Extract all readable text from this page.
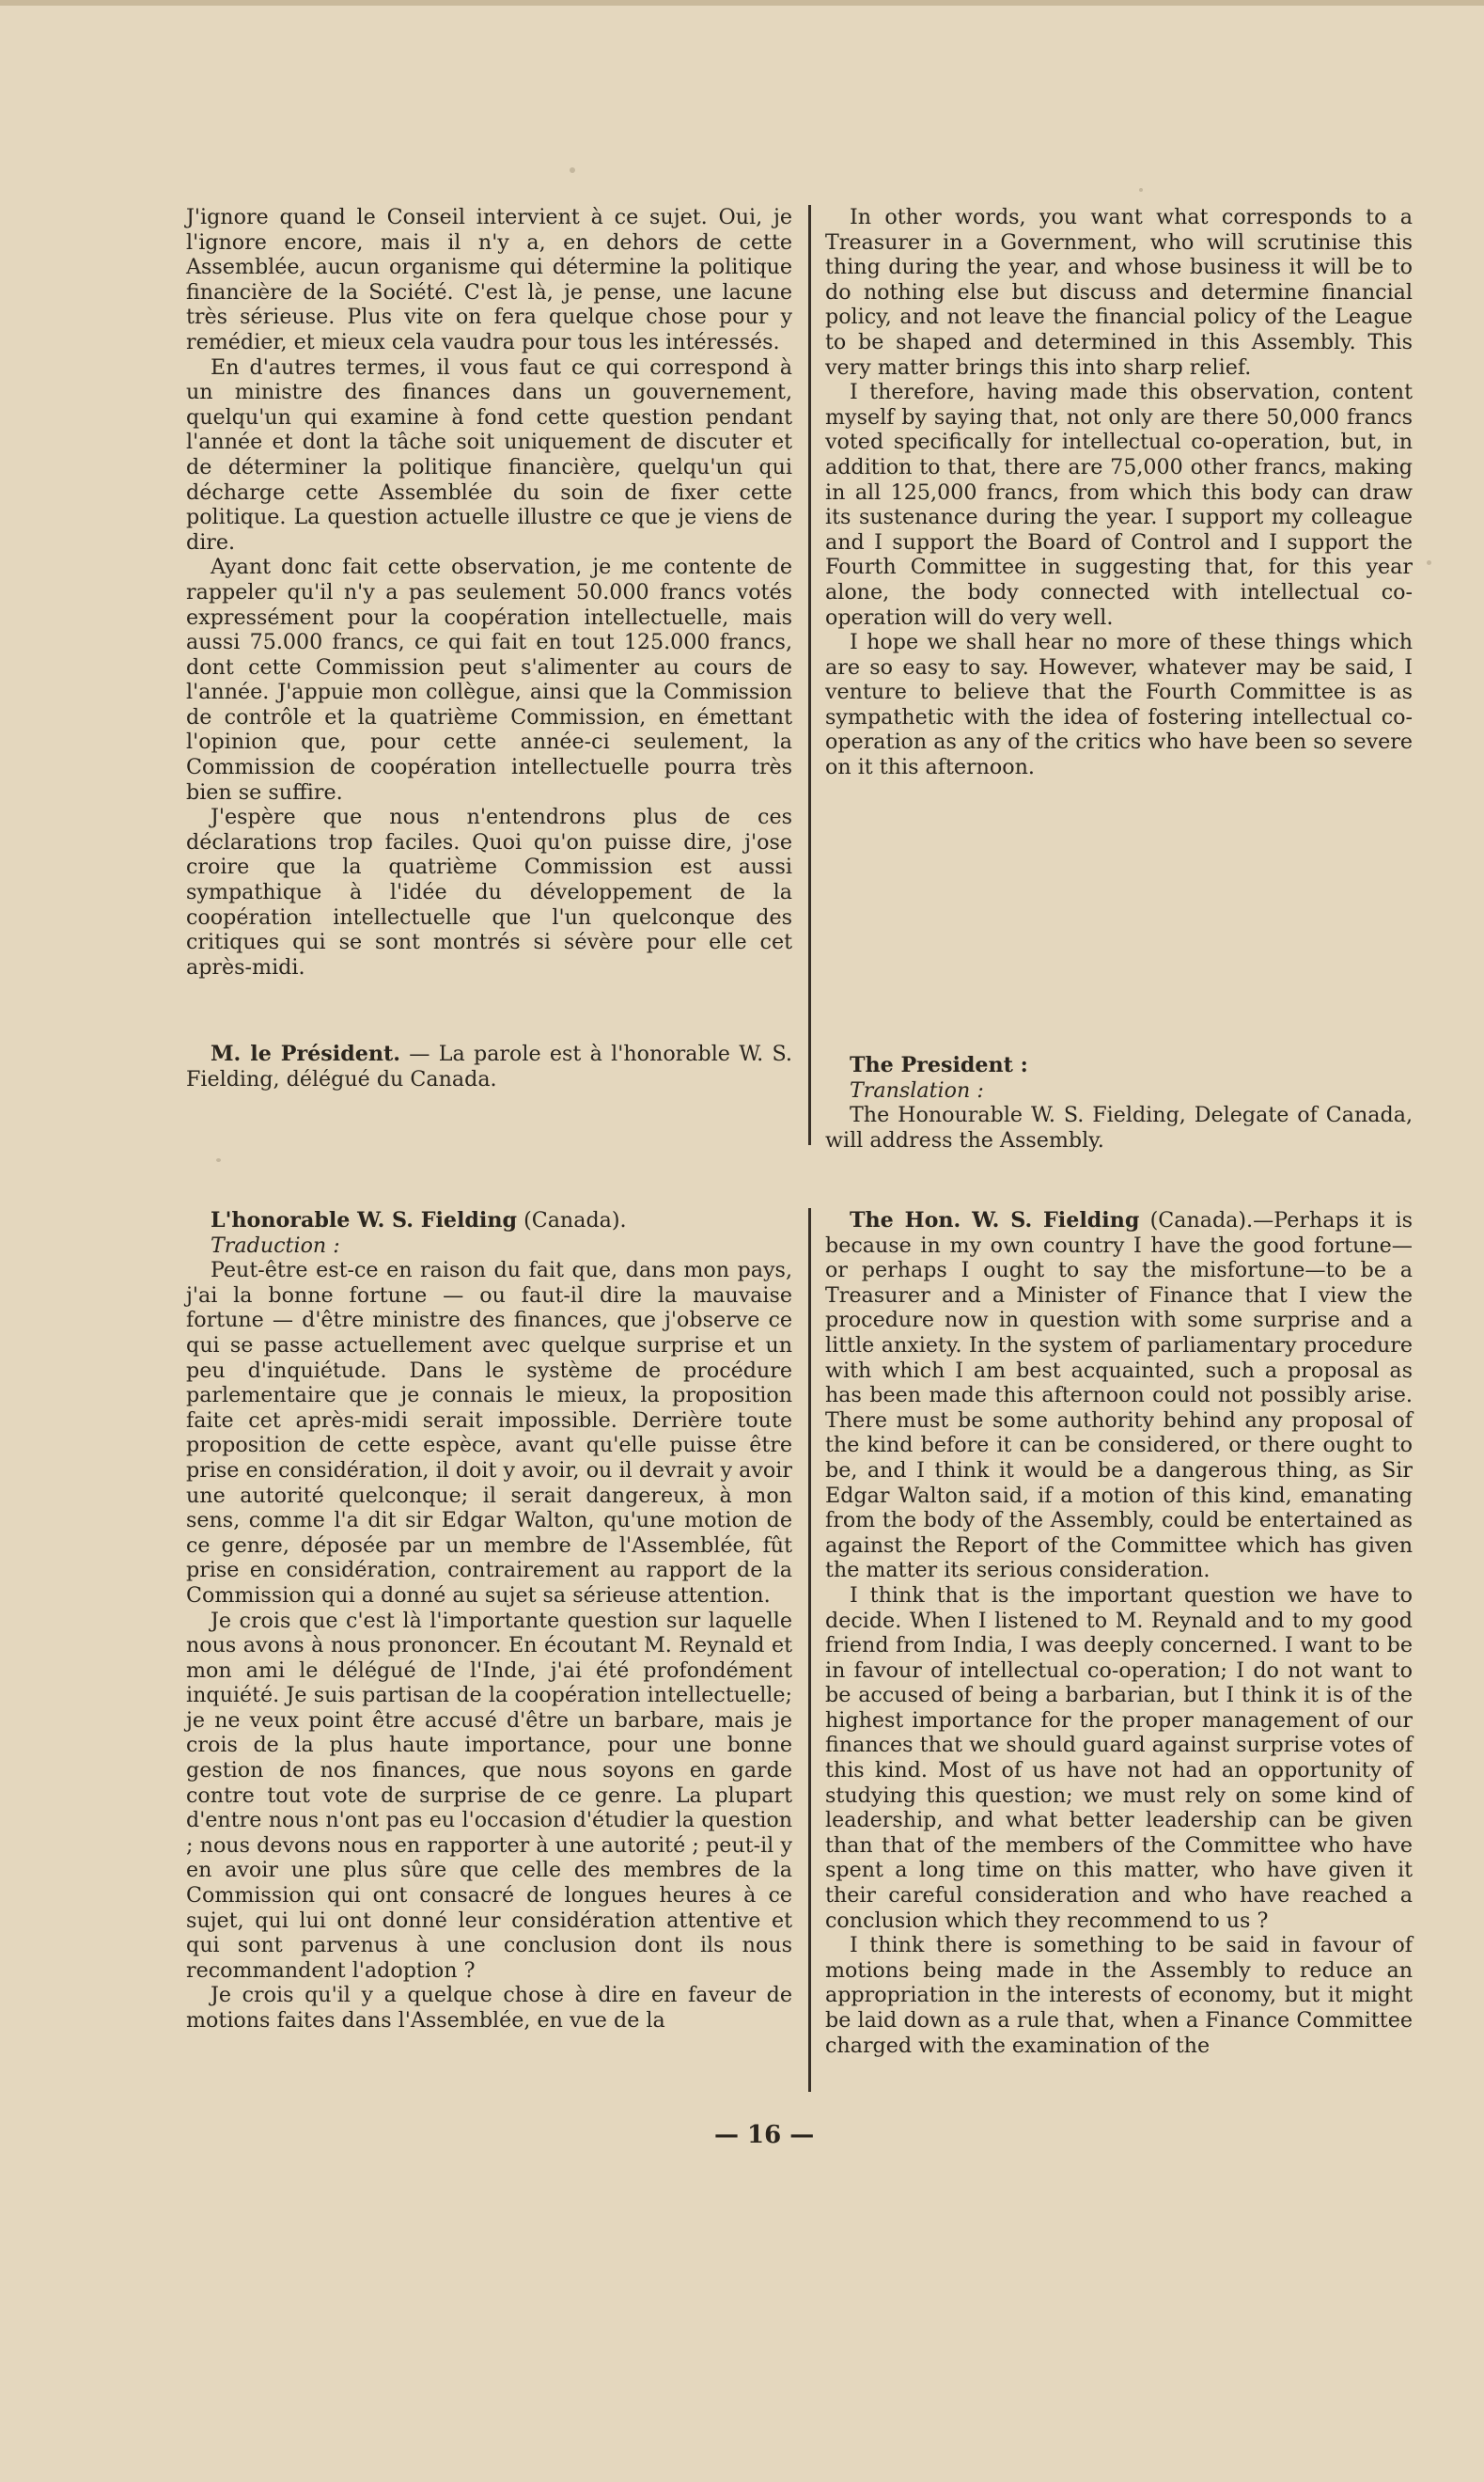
J'ignore quand le Conseil intervient à ce sujet. Oui, je l'ignore encore, mais il n'y a, en dehors de cette Assemblée, aucun organisme qui détermine la politique financière de la Société. C'est là, je pense, une lacune très sérieuse. Plus vite on fera quelque chose pour y remédier, et mieux cela vaudra pour tous les intéressés.

En d'autres termes, il vous faut ce qui correspond à un ministre des finances dans un gouvernement, quelqu'un qui examine à fond cette question pendant l'année et dont la tâche soit uniquement de discuter et de déterminer la politique financière, quelqu'un qui décharge cette Assemblée du soin de fixer cette politique. La question actuelle illustre ce que je viens de dire.

Ayant donc fait cette observation, je me contente de rappeler qu'il n'y a pas seulement 50.000 francs votés expressément pour la coopération intellectuelle, mais aussi 75.000 francs, ce qui fait en tout 125.000 francs, dont cette Commission peut s'alimenter au cours de l'année. J'appuie mon collègue, ainsi que la Commission de contrôle et la quatrième Commission, en émettant l'opinion que, pour cette année-ci seulement, la Commission de coopération intellectuelle pourra très bien se suffire.

J'espère que nous n'entendrons plus de ces déclarations trop faciles. Quoi qu'on puisse dire, j'ose croire que la quatrième Commission est aussi sympathique à l'idée du développement de la coopération intellectuelle que l'un quelconque des critiques qui se sont montrés si sévère pour elle cet après-midi.

In other words, you want what corresponds to a Treasurer in a Government, who will scrutinise this thing during the year, and whose business it will be to do nothing else but discuss and determine financial policy, and not leave the financial policy of the League to be shaped and determined in this Assembly. This very matter brings this into sharp relief.

I therefore, having made this observation, content myself by saying that, not only are there 50,000 francs voted specifically for intellectual co-operation, but, in addition to that, there are 75,000 other francs, making in all 125,000 francs, from which this body can draw its sustenance during the year. I support my colleague and I support the Board of Control and I support the Fourth Committee in suggesting that, for this year alone, the body connected with intellectual co-operation will do very well.

I hope we shall hear no more of these things which are so easy to say. However, whatever may be said, I venture to believe that the Fourth Committee is as sympathetic with the idea of fostering intellectual co-operation as any of the critics who have been so severe on it this afternoon.

M. le Président. — La parole est à l'honorable W. S. Fielding, délégué du Canada.

The President :

Translation :

The Honourable W. S. Fielding, Delegate of Canada, will address the Assembly.

L'honorable W. S. Fielding (Canada).

Traduction :

Peut-être est-ce en raison du fait que, dans mon pays, j'ai la bonne fortune — ou faut-il dire la mauvaise fortune — d'être ministre des finances, que j'observe ce qui se passe actuellement avec quelque surprise et un peu d'inquiétude. Dans le système de procédure parlementaire que je connais le mieux, la proposition faite cet après-midi serait impossible. Derrière toute proposition de cette espèce, avant qu'elle puisse être prise en considération, il doit y avoir, ou il devrait y avoir une autorité quelconque; il serait dangereux, à mon sens, comme l'a dit sir Edgar Walton, qu'une motion de ce genre, déposée par un membre de l'Assemblée, fût prise en considération, contrairement au rapport de la Commission qui a donné au sujet sa sérieuse attention.

Je crois que c'est là l'importante question sur laquelle nous avons à nous prononcer. En écoutant M. Reynald et mon ami le délégué de l'Inde, j'ai été profondément inquiété. Je suis partisan de la coopération intellectuelle; je ne veux point être accusé d'être un barbare, mais je crois de la plus haute importance, pour une bonne gestion de nos finances, que nous soyons en garde contre tout vote de surprise de ce genre. La plupart d'entre nous n'ont pas eu l'occasion d'étudier la question ; nous devons nous en rapporter à une autorité ; peut-il y en avoir une plus sûre que celle des membres de la Commission qui ont consacré de longues heures à ce sujet, qui lui ont donné leur considération attentive et qui sont parvenus à une conclusion dont ils nous recommandent l'adoption ?

Je crois qu'il y a quelque chose à dire en faveur de motions faites dans l'Assemblée, en vue de la

The Hon. W. S. Fielding (Canada).—Perhaps it is because in my own country I have the good fortune—or perhaps I ought to say the misfortune—to be a Treasurer and a Minister of Finance that I view the procedure now in question with some surprise and a little anxiety. In the system of parliamentary procedure with which I am best acquainted, such a proposal as has been made this afternoon could not possibly arise. There must be some authority behind any proposal of the kind before it can be considered, or there ought to be, and I think it would be a dangerous thing, as Sir Edgar Walton said, if a motion of this kind, emanating from the body of the Assembly, could be entertained as against the Report of the Committee which has given the matter its serious consideration.

I think that is the important question we have to decide. When I listened to M. Reynald and to my good friend from India, I was deeply concerned. I want to be in favour of intellectual co-operation; I do not want to be accused of being a barbarian, but I think it is of the highest importance for the proper management of our finances that we should guard against surprise votes of this kind. Most of us have not had an opportunity of studying this question; we must rely on some kind of leadership, and what better leadership can be given than that of the members of the Committee who have spent a long time on this matter, who have given it their careful consideration and who have reached a conclusion which they recommend to us ?

I think there is something to be said in favour of motions being made in the Assembly to reduce an appropriation in the interests of economy, but it might be laid down as a rule that, when a Finance Committee charged with the examination of the

— 16 —
